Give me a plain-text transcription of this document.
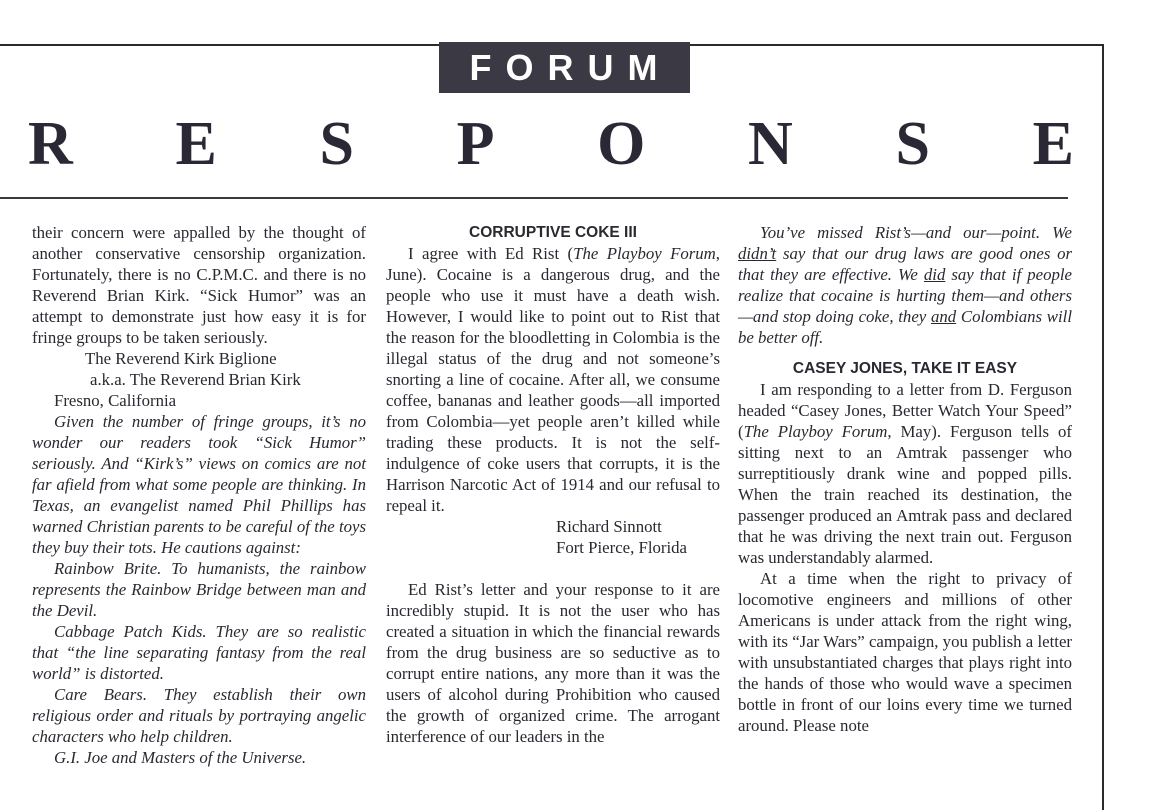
FORUM
R E S P O N S E

their concern were appalled by the thought of another conservative censorship organization. Fortunately, there is no C.P.M.C. and there is no Reverend Brian Kirk. “Sick Humor” was an attempt to demonstrate just how easy it is for fringe groups to be taken seriously.

The Reverend Kirk Biglione

a.k.a. The Reverend Brian Kirk

Fresno, California

Given the number of fringe groups, it’s no wonder our readers took “Sick Humor” seriously. And “Kirk’s” views on comics are not far afield from what some people are thinking. In Texas, an evangelist named Phil Phillips has warned Christian parents to be careful of the toys they buy their tots. He cautions against:

Rainbow Brite. To humanists, the rainbow represents the Rainbow Bridge between man and the Devil.

Cabbage Patch Kids. They are so realistic that “the line separating fantasy from the real world” is distorted.

Care Bears. They establish their own religious order and rituals by portraying angelic characters who help children.

G.I. Joe and Masters of the Universe.

CORRUPTIVE COKE III

I agree with Ed Rist (The Playboy Forum, June). Cocaine is a dangerous drug, and the people who use it must have a death wish. However, I would like to point out to Rist that the reason for the bloodletting in Colombia is the illegal status of the drug and not someone’s snorting a line of cocaine. After all, we consume coffee, bananas and leather goods—all imported from Colombia—yet people aren’t killed while trading these products. It is not the self-indulgence of coke users that corrupts, it is the Harrison Narcotic Act of 1914 and our refusal to repeal it.

Richard Sinnott

Fort Pierce, Florida

Ed Rist’s letter and your response to it are incredibly stupid. It is not the user who has created a situation in which the financial rewards from the drug business are so seductive as to corrupt entire nations, any more than it was the users of alcohol during Prohibition who caused the growth of organized crime. The arrogant interference of our leaders in the

You’ve missed Rist’s—and our—point. We didn’t say that our drug laws are good ones or that they are effective. We did say that if people realize that cocaine is hurting them—and others—and stop doing coke, they and Colombians will be better off.

CASEY JONES, TAKE IT EASY

I am responding to a letter from D. Ferguson headed “Casey Jones, Better Watch Your Speed” (The Playboy Forum, May). Ferguson tells of sitting next to an Amtrak passenger who surreptitiously drank wine and popped pills. When the train reached its destination, the passenger produced an Amtrak pass and declared that he was driving the next train out. Ferguson was understandably alarmed.

At a time when the right to privacy of locomotive engineers and millions of other Americans is under attack from the right wing, with its “Jar Wars” campaign, you publish a letter with unsubstantiated charges that plays right into the hands of those who would wave a specimen bottle in front of our loins every time we turned around. Please note
